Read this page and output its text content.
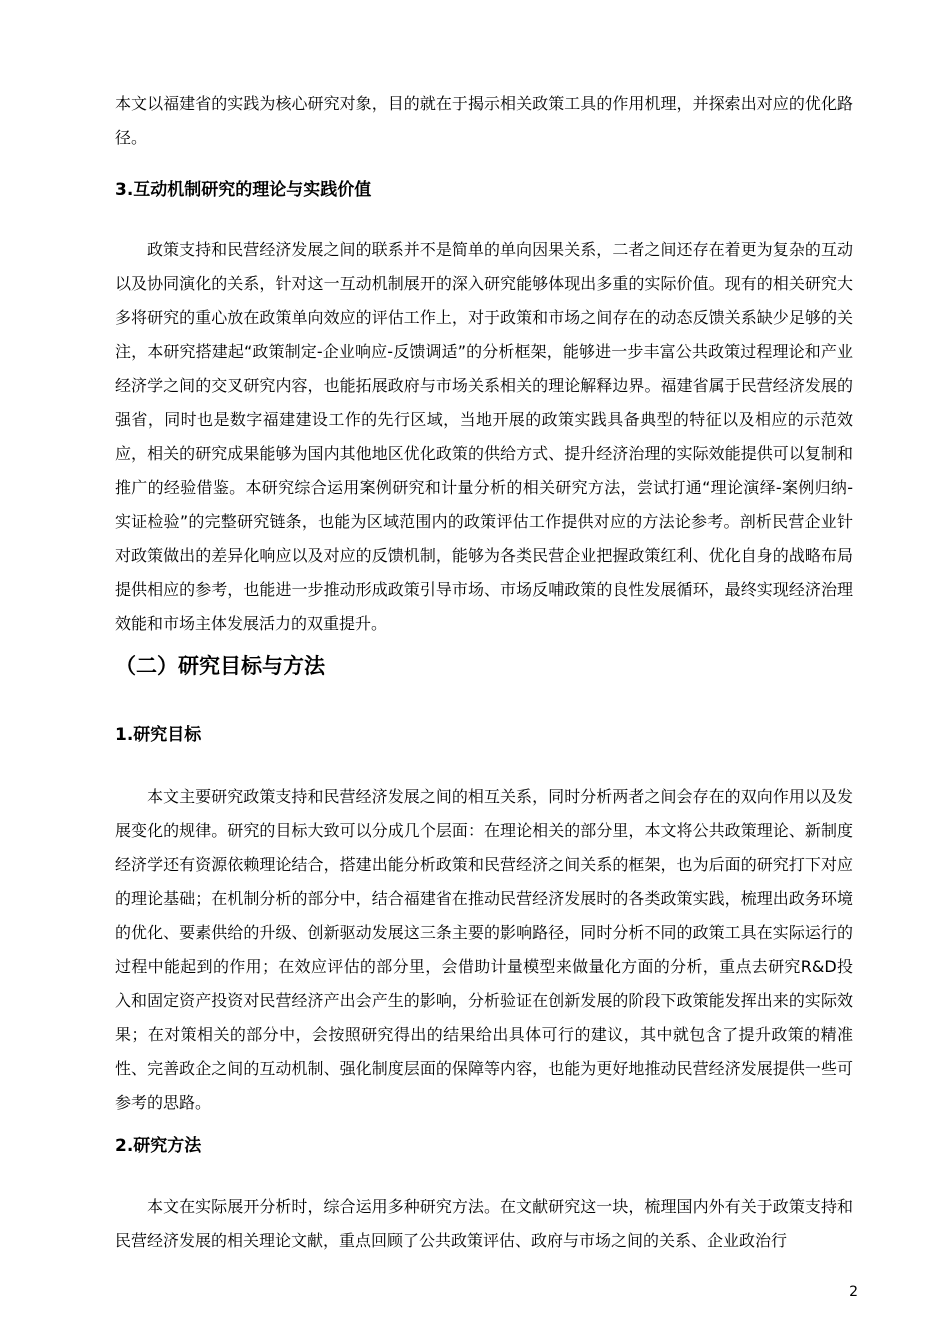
本文以福建省的实践为核心研究对象，目的就在于揭示相关政策工具的作用机理，并探索出对应的优化路径。

3.互动机制研究的理论与实践价值

政策支持和民营经济发展之间的联系并不是简单的单向因果关系，二者之间还存在着更为复杂的互动以及协同演化的关系，针对这一互动机制展开的深入研究能够体现出多重的实际价值。现有的相关研究大多将研究的重心放在政策单向效应的评估工作上，对于政策和市场之间存在的动态反馈关系缺少足够的关注，本研究搭建起“政策制定-企业响应-反馈调适”的分析框架，能够进一步丰富公共政策过程理论和产业经济学之间的交叉研究内容，也能拓展政府与市场关系相关的理论解释边界。福建省属于民营经济发展的强省，同时也是数字福建建设工作的先行区域，当地开展的政策实践具备典型的特征以及相应的示范效应，相关的研究成果能够为国内其他地区优化政策的供给方式、提升经济治理的实际效能提供可以复制和推广的经验借鉴。本研究综合运用案例研究和计量分析的相关研究方法，尝试打通“理论演绎-案例归纳-实证检验”的完整研究链条，也能为区域范围内的政策评估工作提供对应的方法论参考。剖析民营企业针对政策做出的差异化响应以及对应的反馈机制，能够为各类民营企业把握政策红利、优化自身的战略布局提供相应的参考，也能进一步推动形成政策引导市场、市场反哺政策的良性发展循环，最终实现经济治理效能和市场主体发展活力的双重提升。

（二）研究目标与方法
1.研究目标

本文主要研究政策支持和民营经济发展之间的相互关系，同时分析两者之间会存在的双向作用以及发展变化的规律。研究的目标大致可以分成几个层面：在理论相关的部分里，本文将公共政策理论、新制度经济学还有资源依赖理论结合，搭建出能分析政策和民营经济之间关系的框架，也为后面的研究打下对应的理论基础；在机制分析的部分中，结合福建省在推动民营经济发展时的各类政策实践，梳理出政务环境的优化、要素供给的升级、创新驱动发展这三条主要的影响路径，同时分析不同的政策工具在实际运行的过程中能起到的作用；在效应评估的部分里，会借助计量模型来做量化方面的分析，重点去研究R&D投入和固定资产投资对民营经济产出会产生的影响，分析验证在创新发展的阶段下政策能发挥出来的实际效果；在对策相关的部分中，会按照研究得出的结果给出具体可行的建议，其中就包含了提升政策的精准性、完善政企之间的互动机制、强化制度层面的保障等内容，也能为更好地推动民营经济发展提供一些可参考的思路。

2.研究方法

本文在实际展开分析时，综合运用多种研究方法。在文献研究这一块，梳理国内外有关于政策支持和民营经济发展的相关理论文献，重点回顾了公共政策评估、政府与市场之间的关系、企业政治行

2
